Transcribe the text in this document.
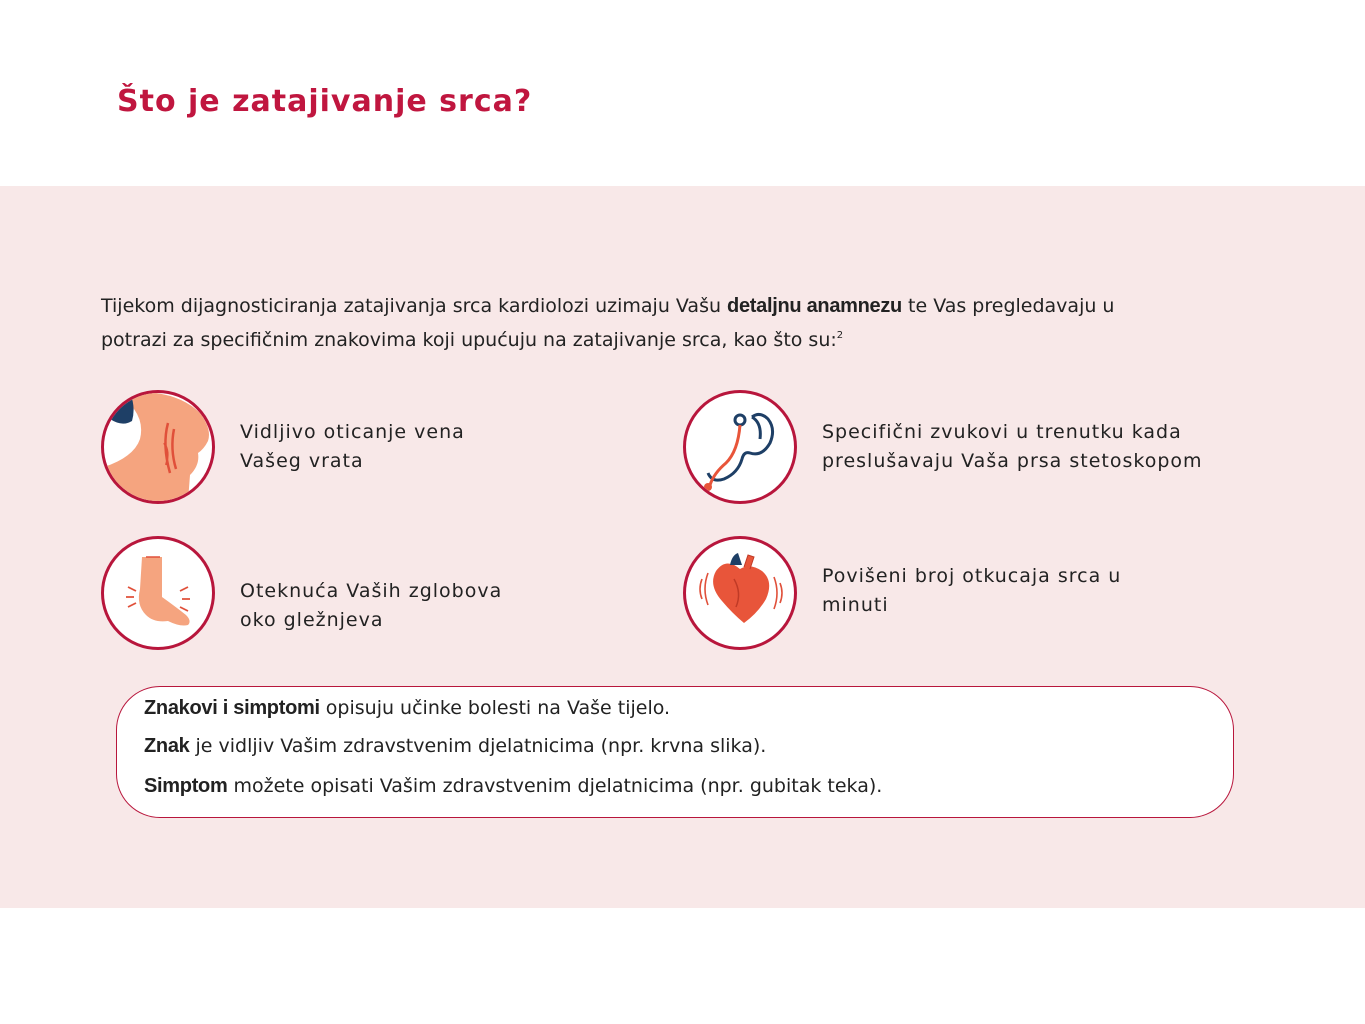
Što je zatajivanje srca?

Tijekom dijagnosticiranja zatajivanja srca kardiolozi uzimaju Vašu detaljnu anamnezu te Vas pregledavaju u
potrazi za specifičnim znakovima koji upućuju na zatajivanje srca, kao što su:$^2$

Vidljivo oticanje vena
Vašeg vrata

Specifični zvukovi u trenutku kada
preslušavaju Vaša prsa stetoskopom

Oteknuća Vaših zglobova
oko gležnjeva

Povišeni broj otkucaja srca u
minuti

Znakovi i simptomi opisuju učinke bolesti na Vaše tijelo.

Znak je vidljiv Vašim zdravstvenim djelatnicima (npr. krvna slika).

Simptom možete opisati Vašim zdravstvenim djelatnicima (npr. gubitak teka).
